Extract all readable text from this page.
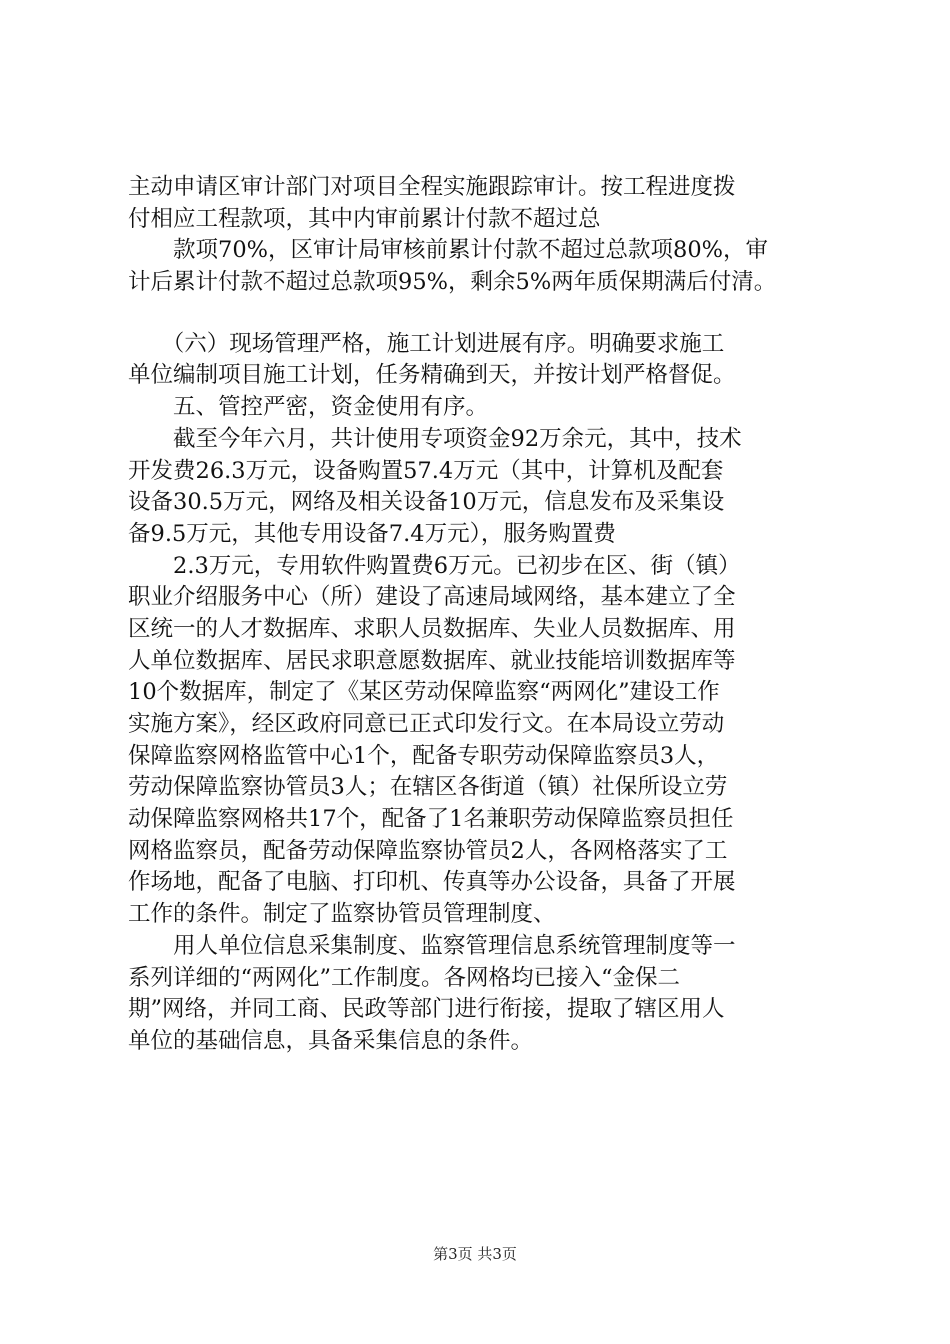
主动申请区审计部门对项目全程实施跟踪审计。按工程进度拨
付相应工程款项，其中内审前累计付款不超过总
　　款项70%，区审计局审核前累计付款不超过总款项80%，审
计后累计付款不超过总款项95%，剩余5%两年质保期满后付清。
　　（六）现场管理严格，施工计划进展有序。明确要求施工
单位编制项目施工计划，任务精确到天，并按计划严格督促。
　　五、管控严密，资金使用有序。
　　截至今年六月，共计使用专项资金92万余元，其中，技术
开发费26.3万元，设备购置57.4万元（其中，计算机及配套
设备30.5万元，网络及相关设备10万元，信息发布及采集设
备9.5万元，其他专用设备7.4万元），服务购置费
　　2.3万元，专用软件购置费6万元。已初步在区、街（镇）
职业介绍服务中心（所）建设了高速局域网络，基本建立了全
区统一的人才数据库、求职人员数据库、失业人员数据库、用
人单位数据库、居民求职意愿数据库、就业技能培训数据库等
10个数据库，制定了《某区劳动保障监察“两网化”建设工作
实施方案》，经区政府同意已正式印发行文。在本局设立劳动
保障监察网格监管中心1个，配备专职劳动保障监察员3人，
劳动保障监察协管员3人；在辖区各街道（镇）社保所设立劳
动保障监察网格共17个，配备了1名兼职劳动保障监察员担任
网格监察员，配备劳动保障监察协管员2人，各网格落实了工
作场地，配备了电脑、打印机、传真等办公设备，具备了开展
工作的条件。制定了监察协管员管理制度、
　　用人单位信息采集制度、监察管理信息系统管理制度等一
系列详细的“两网化”工作制度。各网格均已接入“金保二
期”网络，并同工商、民政等部门进行衔接，提取了辖区用人
单位的基础信息，具备采集信息的条件。
第3页 共3页
